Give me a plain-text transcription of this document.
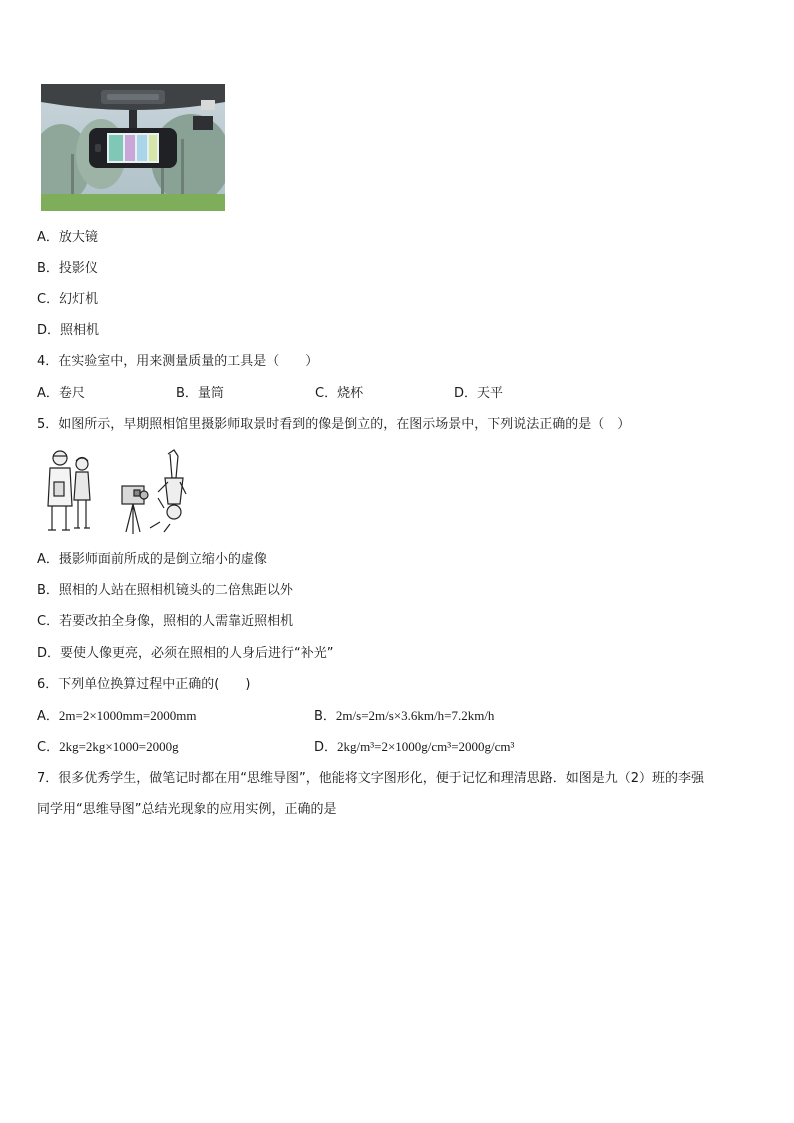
A．放大镜
B．投影仪
C．幻灯机
D．照相机
4．在实验室中，用来测量质量的工具是（　　）
A．卷尺	B．量筒	C．烧杯	D．天平
5．如图所示，早期照相馆里摄影师取景时看到的像是倒立的，在图示场景中，下列说法正确的是（　）
A．摄影师面前所成的是倒立缩小的虚像
B．照相的人站在照相机镜头的二倍焦距以外
C．若要改拍全身像，照相的人需靠近照相机
D．要使人像更亮，必须在照相的人身后进行“补光”
6．下列单位换算过程中正确的(　　)
A．2m=2×1000mm=2000mm	B．2m/s=2m/s×3.6km/h=7.2km/h
C．2kg=2kg×1000=2000g	D．2kg/m³=2×1000g/cm³=2000g/cm³
7．很多优秀学生，做笔记时都在用“思维导图”，他能将文字图形化，便于记忆和理清思路．如图是九（2）班的李强
同学用“思维导图”总结光现象的应用实例，正确的是
